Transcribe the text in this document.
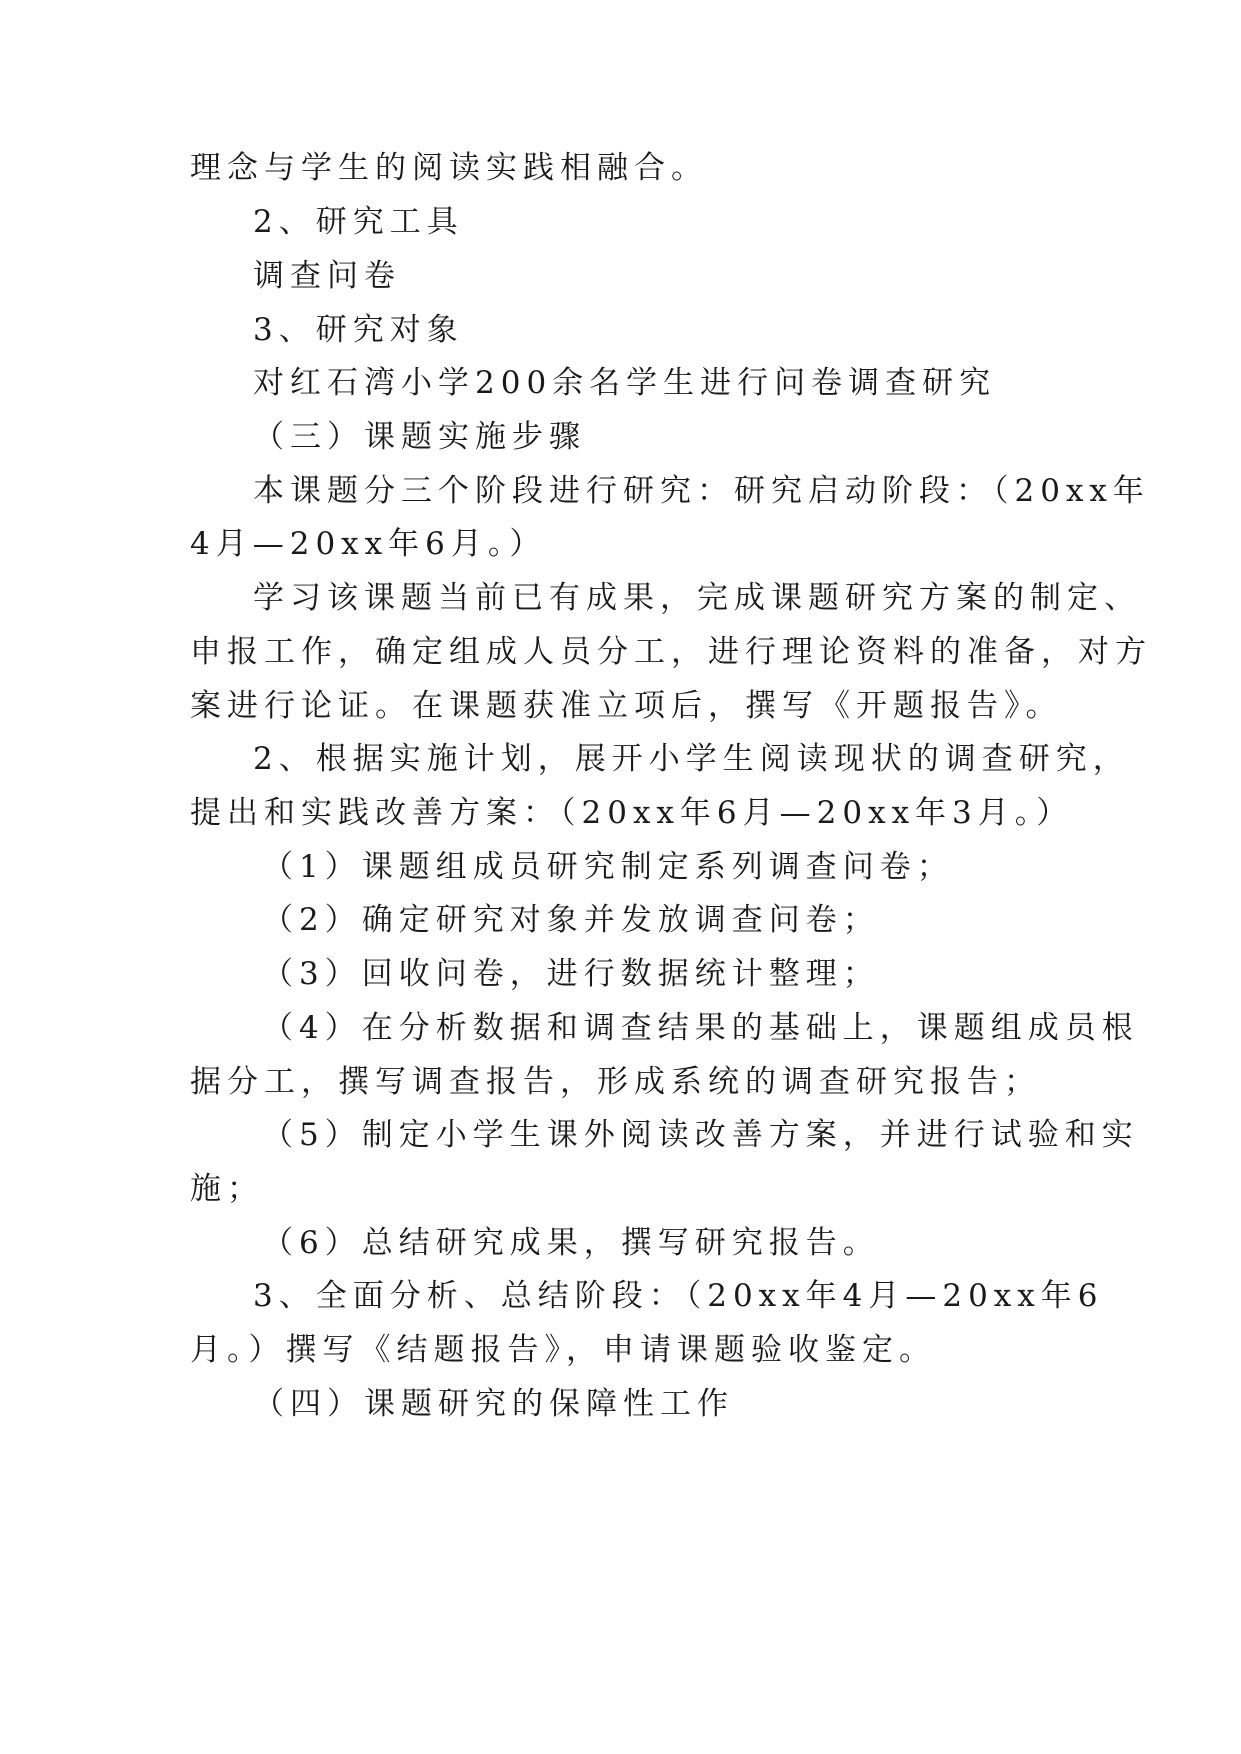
理念与学生的阅读实践相融合。
2、研究工具
调查问卷
3、研究对象
对红石湾小学200余名学生进行问卷调查研究
（三）课题实施步骤
本课题分三个阶段进行研究：研究启动阶段：（20xx年
4月—20xx年6月。）
学习该课题当前已有成果，完成课题研究方案的制定、
申报工作，确定组成人员分工，进行理论资料的准备，对方
案进行论证。在课题获准立项后，撰写《开题报告》。
2、根据实施计划，展开小学生阅读现状的调查研究，
提出和实践改善方案：（20xx年6月—20xx年3月。）
（1）课题组成员研究制定系列调查问卷；
（2）确定研究对象并发放调查问卷；
（3）回收问卷，进行数据统计整理；
（4）在分析数据和调查结果的基础上，课题组成员根
据分工，撰写调查报告，形成系统的调查研究报告；
（5）制定小学生课外阅读改善方案，并进行试验和实
施；
（6）总结研究成果，撰写研究报告。
3、全面分析、总结阶段：（20xx年4月—20xx年6
月。）撰写《结题报告》，申请课题验收鉴定。
（四）课题研究的保障性工作
